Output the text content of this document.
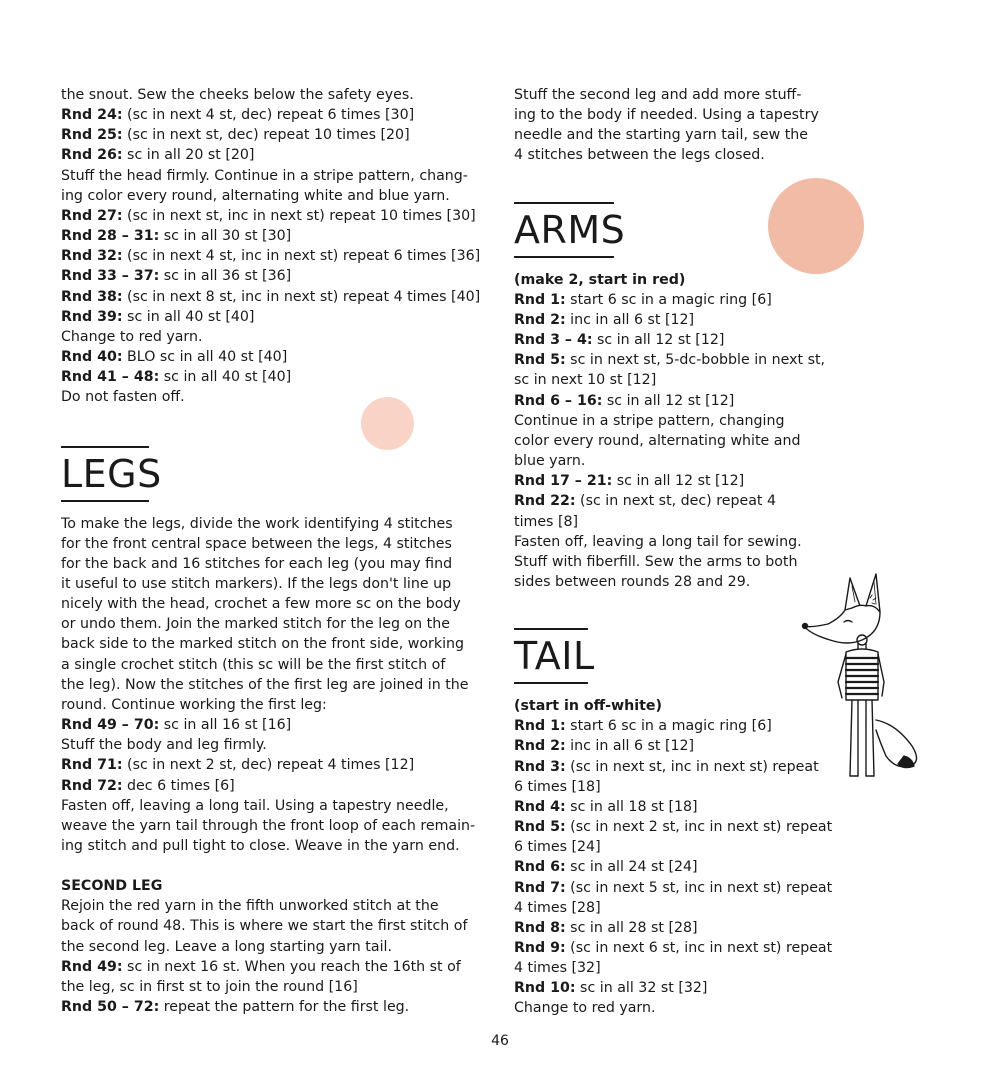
the snout. Sew the cheeks below the safety eyes.
Rnd 24: (sc in next 4 st, dec) repeat 6 times [30]
Rnd 25: (sc in next st, dec) repeat 10 times [20]
Rnd 26: sc in all 20 st [20]
Stuff the head firmly. Continue in a stripe pattern, chang-
ing color every round, alternating white and blue yarn.
Rnd 27: (sc in next st, inc in next st) repeat 10 times [30]
Rnd 28 – 31: sc in all 30 st [30]
Rnd 32: (sc in next 4 st, inc in next st) repeat 6 times [36]
Rnd 33 – 37: sc in all 36 st [36]
Rnd 38: (sc in next 8 st, inc in next st) repeat 4 times [40]
Rnd 39: sc in all 40 st [40]
Change to red yarn.
Rnd 40: BLO sc in all 40 st [40]
Rnd 41 – 48: sc in all 40 st [40]
Do not fasten off.
LEGS
To make the legs, divide the work identifying 4 stitches
for the front central space between the legs, 4 stitches
for the back and 16 stitches for each leg (you may find
it useful to use stitch markers). If the legs don't line up
nicely with the head, crochet a few more sc on the body
or undo them. Join the marked stitch for the leg on the
back side to the marked stitch on the front side, working
a single crochet stitch (this sc will be the first stitch of
the leg). Now the stitches of the first leg are joined in the
round. Continue working the first leg:
Rnd 49 – 70: sc in all 16 st [16]
Stuff the body and leg firmly.
Rnd 71: (sc in next 2 st, dec) repeat 4 times [12]
Rnd 72: dec 6 times [6]
Fasten off, leaving a long tail. Using a tapestry needle,
weave the yarn tail through the front loop of each remain-
ing stitch and pull tight to close. Weave in the yarn end.
SECOND LEG
Rejoin the red yarn in the fifth unworked stitch at the
back of round 48. This is where we start the first stitch of
the second leg. Leave a long starting yarn tail.
Rnd 49: sc in next 16 st. When you reach the 16th st of
the leg, sc in first st to join the round [16]
Rnd 50 – 72: repeat the pattern for the first leg.
Stuff the second leg and add more stuff-
ing to the body if needed. Using a tapestry
needle and the starting yarn tail, sew the
4 stitches between the legs closed.
ARMS
(make 2, start in red)
Rnd 1: start 6 sc in a magic ring [6]
Rnd 2: inc in all 6 st [12]
Rnd 3 – 4: sc in all 12 st [12]
Rnd 5: sc in next st, 5-dc-bobble in next st,
sc in next 10 st [12]
Rnd 6 – 16: sc in all 12 st [12]
Continue in a stripe pattern, changing
color every round, alternating white and
blue yarn.
Rnd 17 – 21: sc in all 12 st [12]
Rnd 22: (sc in next st, dec) repeat 4
times [8]
Fasten off, leaving a long tail for sewing.
Stuff with fiberfill. Sew the arms to both
sides between rounds 28 and 29.
TAIL
(start in off-white)
Rnd 1: start 6 sc in a magic ring [6]
Rnd 2: inc in all 6 st [12]
Rnd 3: (sc in next st, inc in next st) repeat
6 times [18]
Rnd 4: sc in all 18 st [18]
Rnd 5: (sc in next 2 st, inc in next st) repeat
6 times [24]
Rnd 6: sc in all 24 st [24]
Rnd 7: (sc in next 5 st, inc in next st) repeat
4 times [28]
Rnd 8: sc in all 28 st [28]
Rnd 9: (sc in next 6 st, inc in next st) repeat
4 times [32]
Rnd 10: sc in all 32 st [32]
Change to red yarn.
46
